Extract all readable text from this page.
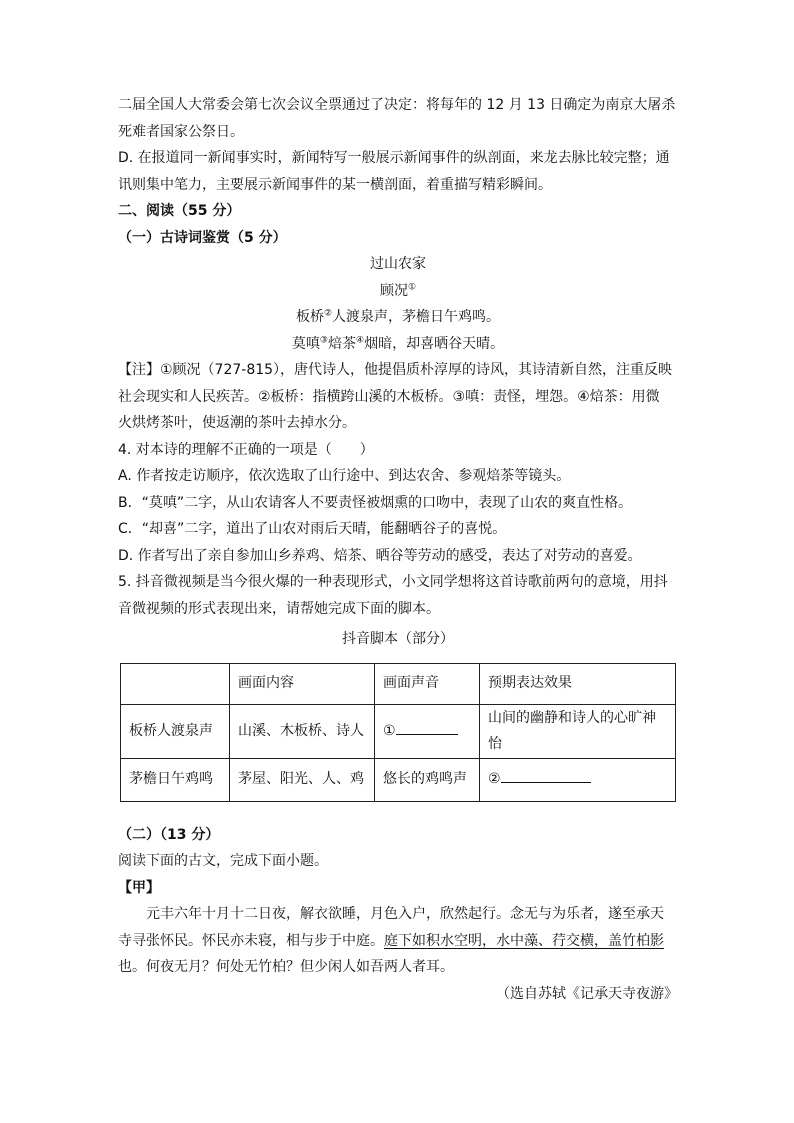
二届全国人大常委会第七次会议全票通过了决定：将每年的 12 月 13 日确定为南京大屠杀

死难者国家公祭日。

D. 在报道同一新闻事实时，新闻特写一般展示新闻事件的纵剖面，来龙去脉比较完整；通

讯则集中笔力，主要展示新闻事件的某一横剖面，着重描写精彩瞬间。

二、阅读（55 分）

（一）古诗词鉴赏（5 分）

过山农家

顾况①

板桥②人渡泉声，茅檐日午鸡鸣。

莫嗔③焙茶④烟暗，却喜晒谷天晴。

【注】①顾况（727-815），唐代诗人，他提倡质朴淳厚的诗风，其诗清新自然，注重反映

社会现实和人民疾苦。②板桥：指横跨山溪的木板桥。③嗔：责怪，埋怨。④焙茶：用微

火烘烤茶叶，使返潮的茶叶去掉水分。

4. 对本诗的理解不正确的一项是（　　）

A. 作者按走访顺序，依次选取了山行途中、到达农舍、参观焙茶等镜头。

B．“莫嗔”二字，从山农请客人不要责怪被烟熏的口吻中，表现了山农的爽直性格。

C．“却喜”二字，道出了山农对雨后天晴，能翻晒谷子的喜悦。

D. 作者写出了亲自参加山乡养鸡、焙茶、晒谷等劳动的感受，表达了对劳动的喜爱。

5. 抖音微视频是当今很火爆的一种表现形式，小文同学想将这首诗歌前两句的意境，用抖

音微视频的形式表现出来，请帮她完成下面的脚本。

抖音脚本（部分）

	画面内容	画面声音	预期表达效果
板桥人渡泉声	山溪、木板桥、诗人	①	山间的幽静和诗人的心旷神怡
茅檐日午鸡鸣	茅屋、阳光、人、鸡	悠长的鸡鸣声	②

（二）（13 分）

阅读下面的古文，完成下面小题。

【甲】

元丰六年十月十二日夜，解衣欲睡，月色入户，欣然起行。念无与为乐者，遂至承天

寺寻张怀民。怀民亦未寝，相与步于中庭。庭下如积水空明，水中藻、荇交横，盖竹柏影

也。何夜无月？何处无竹柏？但少闲人如吾两人者耳。

（选自苏轼《记承天寺夜游》
